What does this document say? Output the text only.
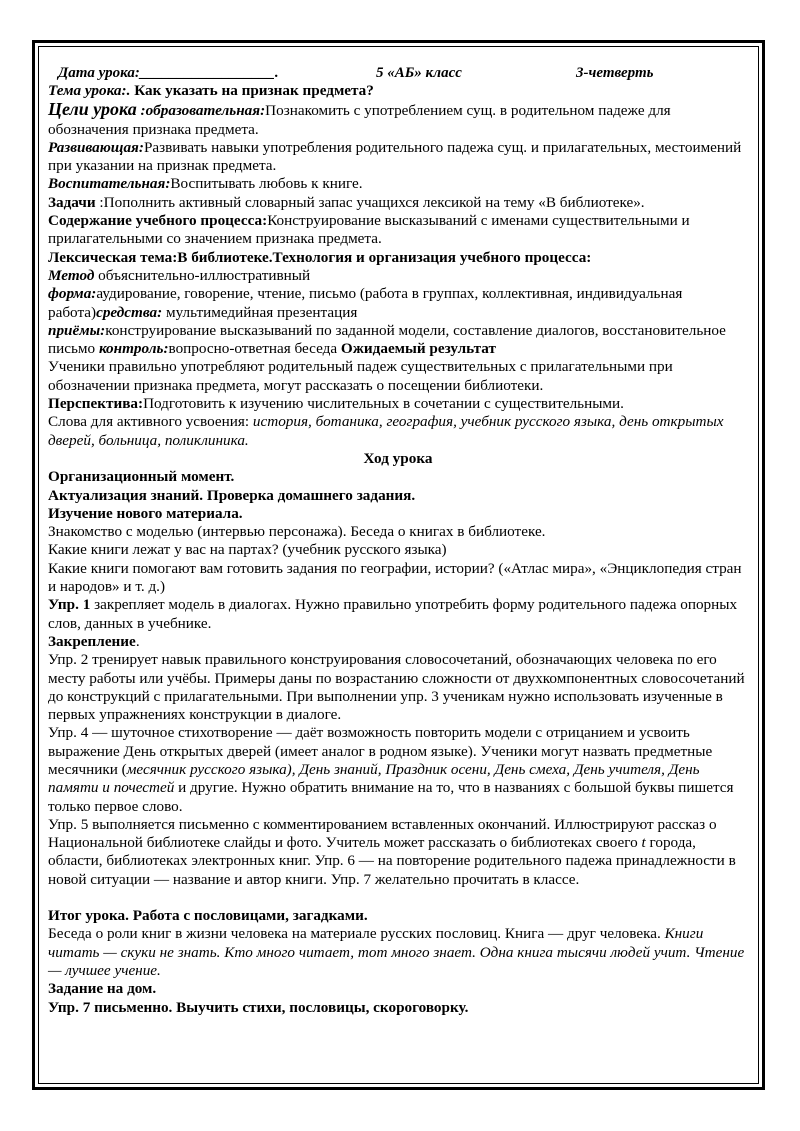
Дата урока:__________________.	5 «АБ» класс	3-четверть

Тема урока:. Как указать на признак предмета?

Цели урока :образовательная:Познакомить с употреблением сущ. в родительном падеже для обозначения признака предмета.

Развивающая:Развивать навыки употребления родительного падежа сущ. и прилагательных, местоимений при указании на признак предмета.

Воспитательная:Воспитывать любовь к книге.

Задачи :Пополнить активный словарный запас учащихся лексикой на тему «В библиотеке».

Содержание учебного процесса:Конструирование высказываний с именами существительными и прилагательными со значением признака предмета.

Лексическая тема:В библиотеке.Технология и организация учебного процесса:

Метод объяснительно-иллюстративный

форма:аудирование, говорение, чтение, письмо (работа в группах, коллективная, индивидуальная работа)средства: мультимедийная презентация

приёмы:конструирование высказываний по заданной модели, составление диалогов, восстановительное письмо контроль:вопросно-ответная беседа Ожидаемый результат

Ученики правильно употребляют родительный падеж существительных с прилагательными при обозначении признака предмета, могут рассказать о посещении библиотеки.

Перспектива:Подготовить к изучению числительных в сочетании с существительными.

Слова для активного усвоения: история, ботаника, география, учебник русского языка, день открытых дверей, больница, поликлиника.

Ход урока

Организационный момент.

Актуализация знаний. Проверка домашнего задания.

Изучение нового материала.

Знакомство с моделью (интервью персонажа). Беседа о книгах в библиотеке.

Какие книги лежат у вас на партах? (учебник русского языка)

Какие книги помогают вам готовить задания по географии, истории? («Атлас мира», «Энциклопедия стран и народов» и т. д.)

Упр. 1 закрепляет модель в диалогах. Нужно правильно употребить форму родительного падежа опорных слов, данных в учебнике.

Закрепление.

Упр. 2 тренирует навык правильного конструирования словосочетаний, обозначающих человека по его месту работы или учёбы. Примеры даны по возрастанию сложности от двухкомпонентных словосочетаний до конструкций с прилагательными. При выполнении упр. 3 ученикам нужно использовать изученные в первых упражнениях конструкции в диалоге.

Упр. 4 — шуточное стихотворение — даёт возможность повторить модели с отрицанием и усвоить выражение День открытых дверей (имеет аналог в родном языке). Ученики могут назвать предметные месячники (месячник русского языка), День знаний, Праздник осени, День смеха, День учителя, День памяти и почестей и другие. Нужно обратить внимание на то, что в названиях с большой буквы пишется только первое слово.

Упр. 5 выполняется письменно с комментированием вставленных окончаний. Иллюстрируют рассказ о Национальной библиотеке слайды и фото. Учитель может рассказать о библиотеках своего t города, области, библиотеках электронных книг. Упр. 6 — на повторение родительного падежа принадлежности в новой ситуации — название и автор книги. Упр. 7 желательно прочитать в классе.

Итог урока. Работа с пословицами, загадками.

Беседа о роли книг в жизни человека на материале русских пословиц. Книга — друг человека. Книги читать — скуки не знать. Кто много читает, тот много знает. Одна книга тысячи людей учит. Чтение — лучшее учение.

Задание на дом.

Упр. 7 письменно. Выучить стихи, пословицы, скороговорку.
